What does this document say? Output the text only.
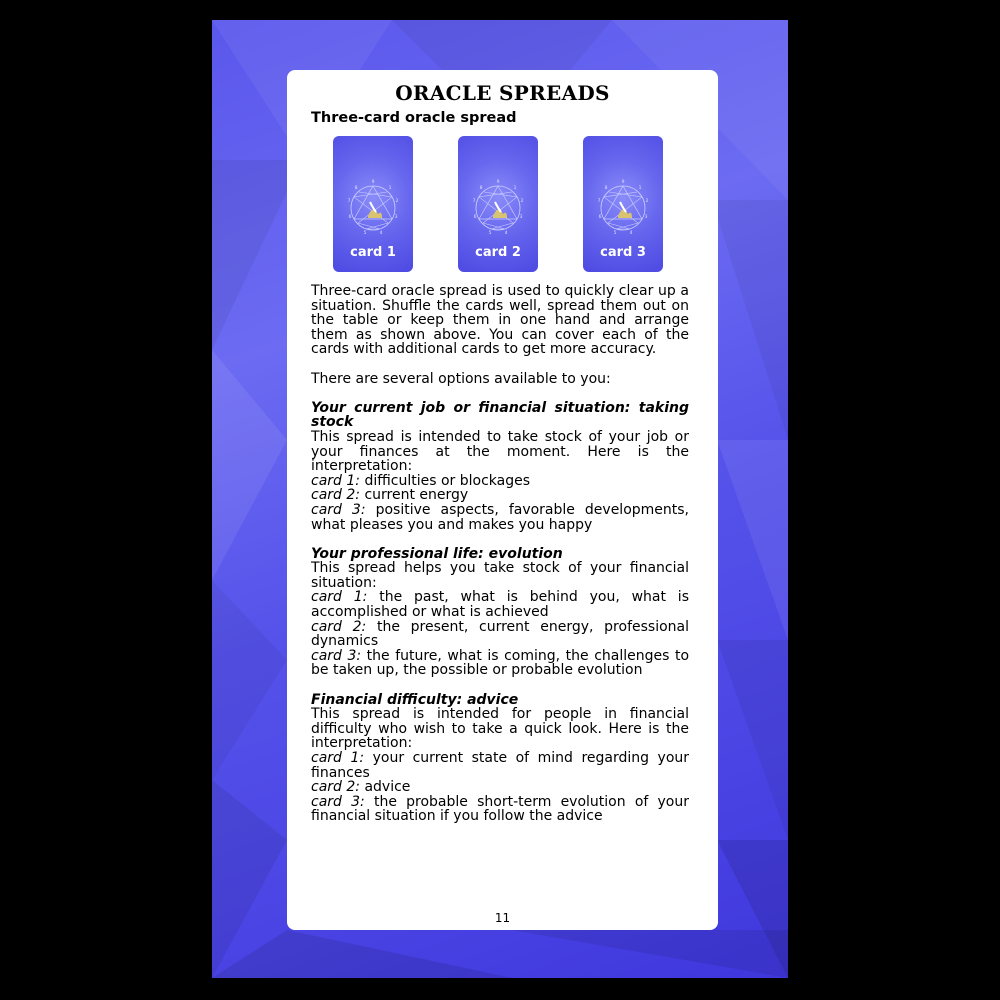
ORACLE SPREADS
Three-card oracle spread
9
1
2
3
4
5
6
7
8
card 1
9
1
2
3
4
5
6
7
8
card 2
9
1
2
3
4
5
6
7
8
card 3

Three-card oracle spread is used to quickly clear up a situation. Shuffle the cards well, spread them out on the table or keep them in one hand and arrange them as shown above. You can cover each of the cards with additional cards to get more accuracy.

There are several options available to you:

Your current job or financial situation: taking stock

This spread is intended to take stock of your job or your finances at the moment. Here is the interpretation:

card 1: difficulties or blockages

card 2: current energy

card 3: positive aspects, favorable developments, what pleases you and makes you happy

Your professional life: evolution

This spread helps you take stock of your financial situation:

card 1: the past, what is behind you, what is accomplished or what is achieved

card 2: the present, current energy, professional dynamics

card 3: the future, what is coming, the challenges to be taken up, the possible or probable evolution

Financial difficulty: advice

This spread is intended for people in financial difficulty who wish to take a quick look. Here is the interpretation:

card 1: your current state of mind regarding your finances

card 2: advice

card 3: the probable short-term evolution of your financial situation if you follow the advice

11
